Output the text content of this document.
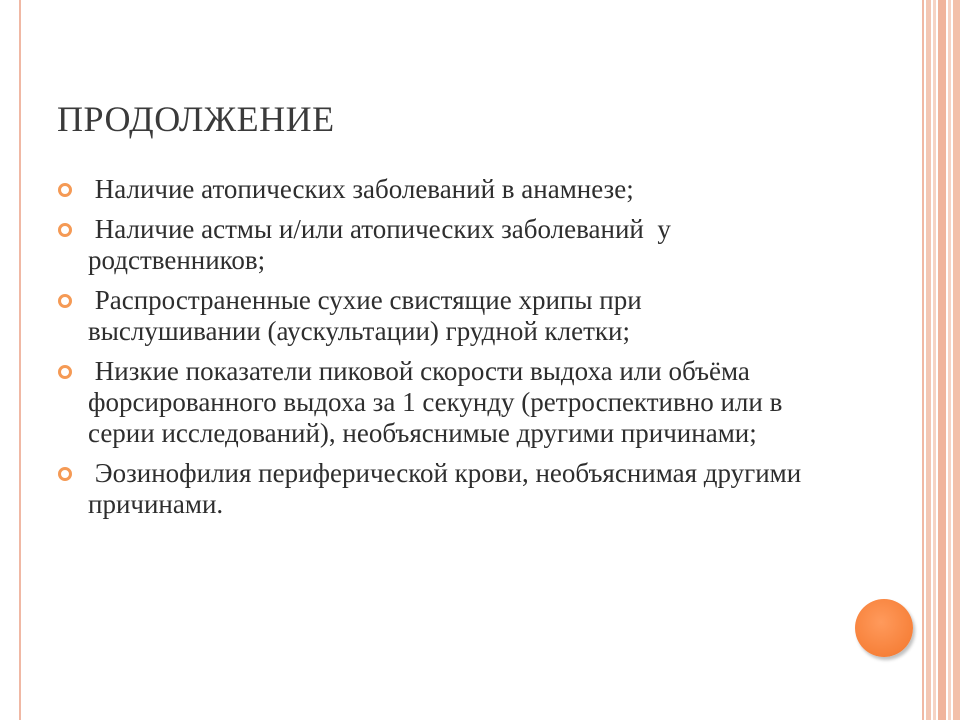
ПРОДОЛЖЕНИЕ
Наличие атопических заболеваний в анамнезе;
Наличие астмы и/или атопических заболеваний  у родственников;
Распространенные сухие свистящие хрипы при выслушивании (аускультации) грудной клетки;
Низкие показатели пиковой скорости выдоха или объёма форсированного выдоха за 1 секунду (ретроспективно или в серии исследований), необъяснимые другими причинами;
Эозинофилия периферической крови, необъяснимая другими причинами.
